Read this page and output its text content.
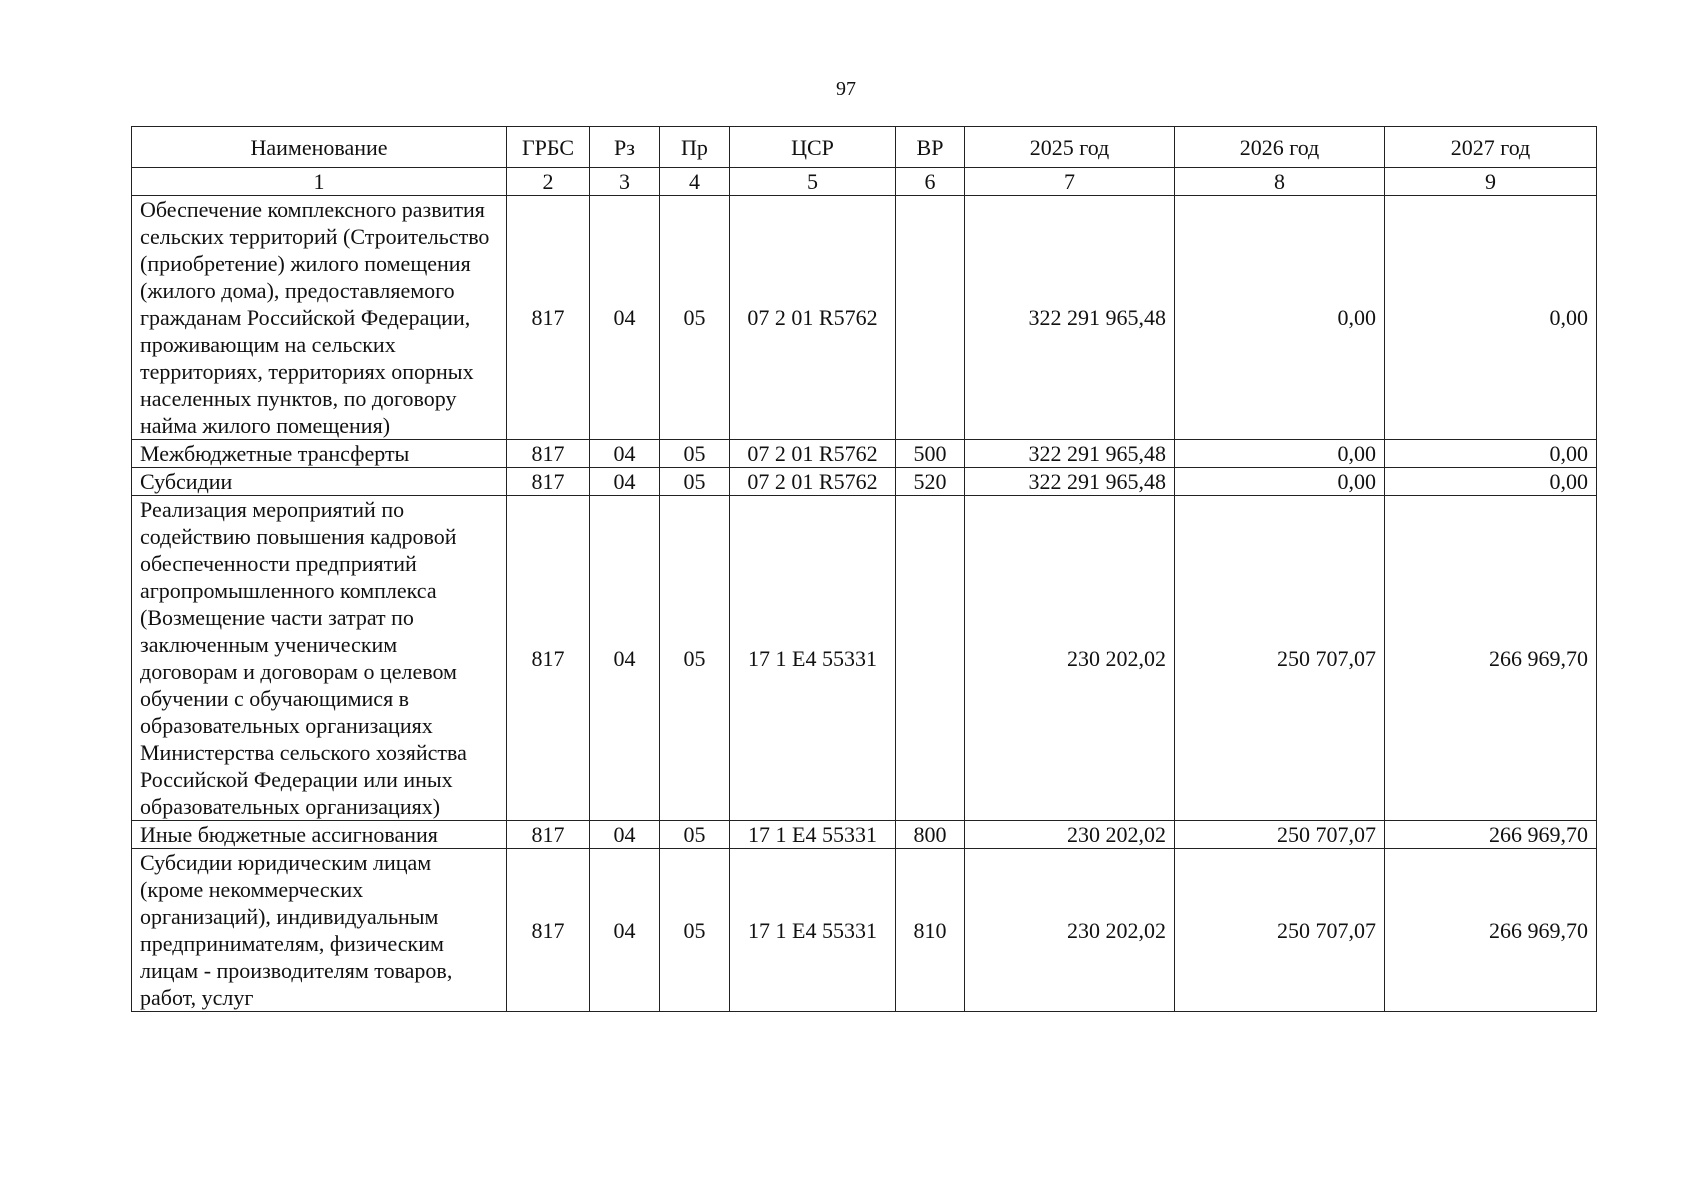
97
Наименование	ГРБС	Рз	Пр	ЦСР	ВР	2025 год	2026 год	2027 год
1	2	3	4	5	6	7	8	9
Обеспечение комплексного развития сельских территорий (Строительство (приобретение) жилого помещения (жилого дома), предоставляемого гражданам Российской Федерации, проживающим на сельских территориях, территориях опорных населенных пунктов, по договору найма жилого помещения)	817	04	05	07 2 01 R5762		322 291 965,48	0,00	0,00
Межбюджетные трансферты	817	04	05	07 2 01 R5762	500	322 291 965,48	0,00	0,00
Субсидии	817	04	05	07 2 01 R5762	520	322 291 965,48	0,00	0,00
Реализация мероприятий по содействию повышения кадровой обеспеченности предприятий агропромышленного комплекса (Возмещение части затрат по заключенным ученическим договорам и договорам о целевом обучении с обучающимися в образовательных организациях Министерства сельского хозяйства Российской Федерации или иных образовательных организациях)	817	04	05	17 1 E4 55331		230 202,02	250 707,07	266 969,70
Иные бюджетные ассигнования	817	04	05	17 1 E4 55331	800	230 202,02	250 707,07	266 969,70
Субсидии юридическим лицам (кроме некоммерческих организаций), индивидуальным предпринимателям, физическим лицам - производителям товаров, работ, услуг	817	04	05	17 1 E4 55331	810	230 202,02	250 707,07	266 969,70
